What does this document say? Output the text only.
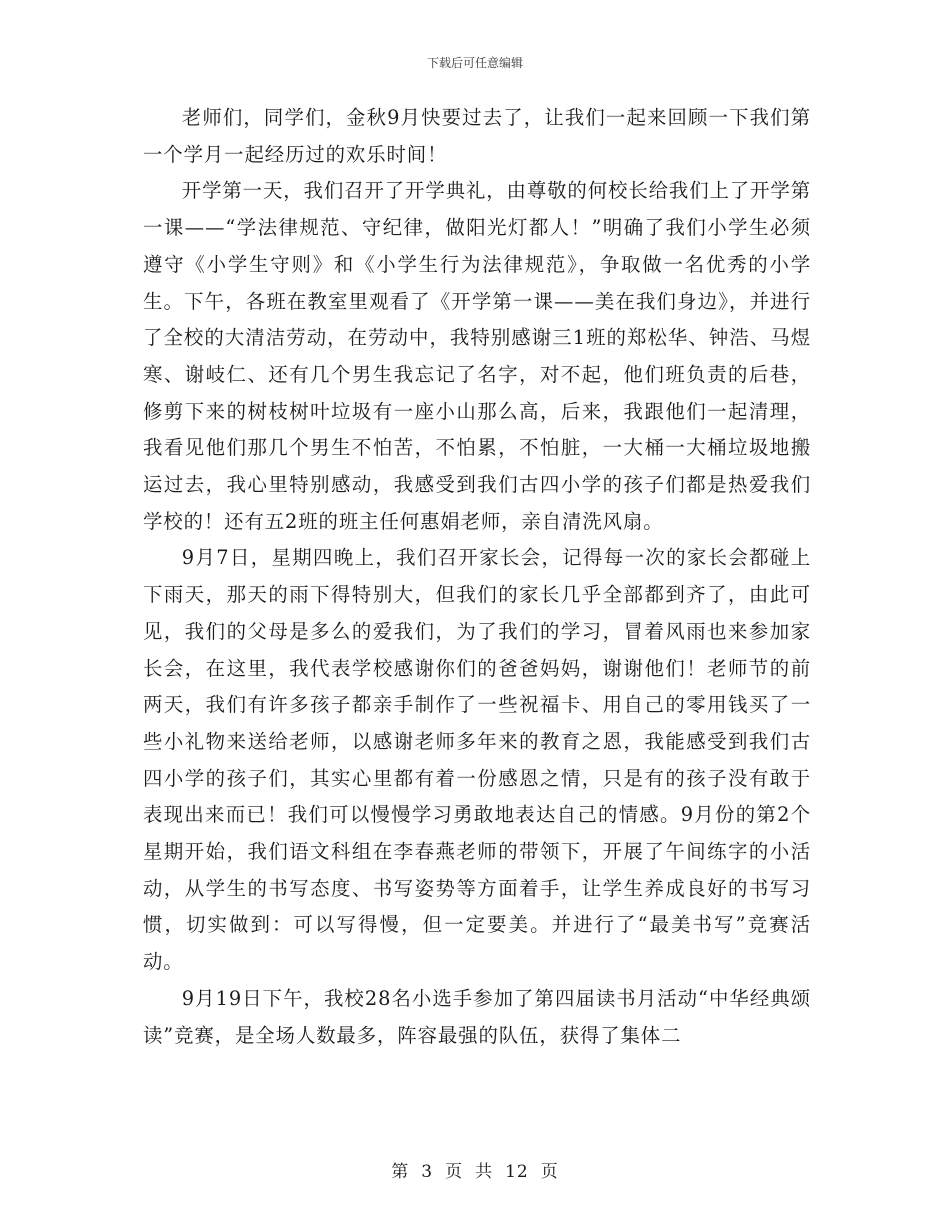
下载后可任意编辑

老师们，同学们，金秋9月快要过去了，让我们一起来回顾一下我们第一个学月一起经历过的欢乐时间！

开学第一天，我们召开了开学典礼，由尊敬的何校长给我们上了开学第一课——“学法律规范、守纪律，做阳光灯都人！”明确了我们小学生必须遵守《小学生守则》和《小学生行为法律规范》，争取做一名优秀的小学生。下午，各班在教室里观看了《开学第一课——美在我们身边》，并进行了全校的大清洁劳动，在劳动中，我特别感谢三1班的郑松华、钟浩、马煜寒、谢岐仁、还有几个男生我忘记了名字，对不起，他们班负责的后巷，修剪下来的树枝树叶垃圾有一座小山那么高，后来，我跟他们一起清理，我看见他们那几个男生不怕苦，不怕累，不怕脏，一大桶一大桶垃圾地搬运过去，我心里特别感动，我感受到我们古四小学的孩子们都是热爱我们学校的！还有五2班的班主任何惠娟老师，亲自清洗风扇。

9月7日，星期四晚上，我们召开家长会，记得每一次的家长会都碰上下雨天，那天的雨下得特别大，但我们的家长几乎全部都到齐了，由此可见，我们的父母是多么的爱我们，为了我们的学习，冒着风雨也来参加家长会，在这里，我代表学校感谢你们的爸爸妈妈，谢谢他们！老师节的前两天，我们有许多孩子都亲手制作了一些祝福卡、用自己的零用钱买了一些小礼物来送给老师，以感谢老师多年来的教育之恩，我能感受到我们古四小学的孩子们，其实心里都有着一份感恩之情，只是有的孩子没有敢于表现出来而已！我们可以慢慢学习勇敢地表达自己的情感。9月份的第2个星期开始，我们语文科组在李春燕老师的带领下，开展了午间练字的小活动，从学生的书写态度、书写姿势等方面着手，让学生养成良好的书写习惯，切实做到：可以写得慢，但一定要美。并进行了“最美书写”竞赛活动。

9月19日下午，我校28名小选手参加了第四届读书月活动“中华经典颂读”竞赛，是全场人数最多，阵容最强的队伍，获得了集体二

第 3 页 共 12 页
